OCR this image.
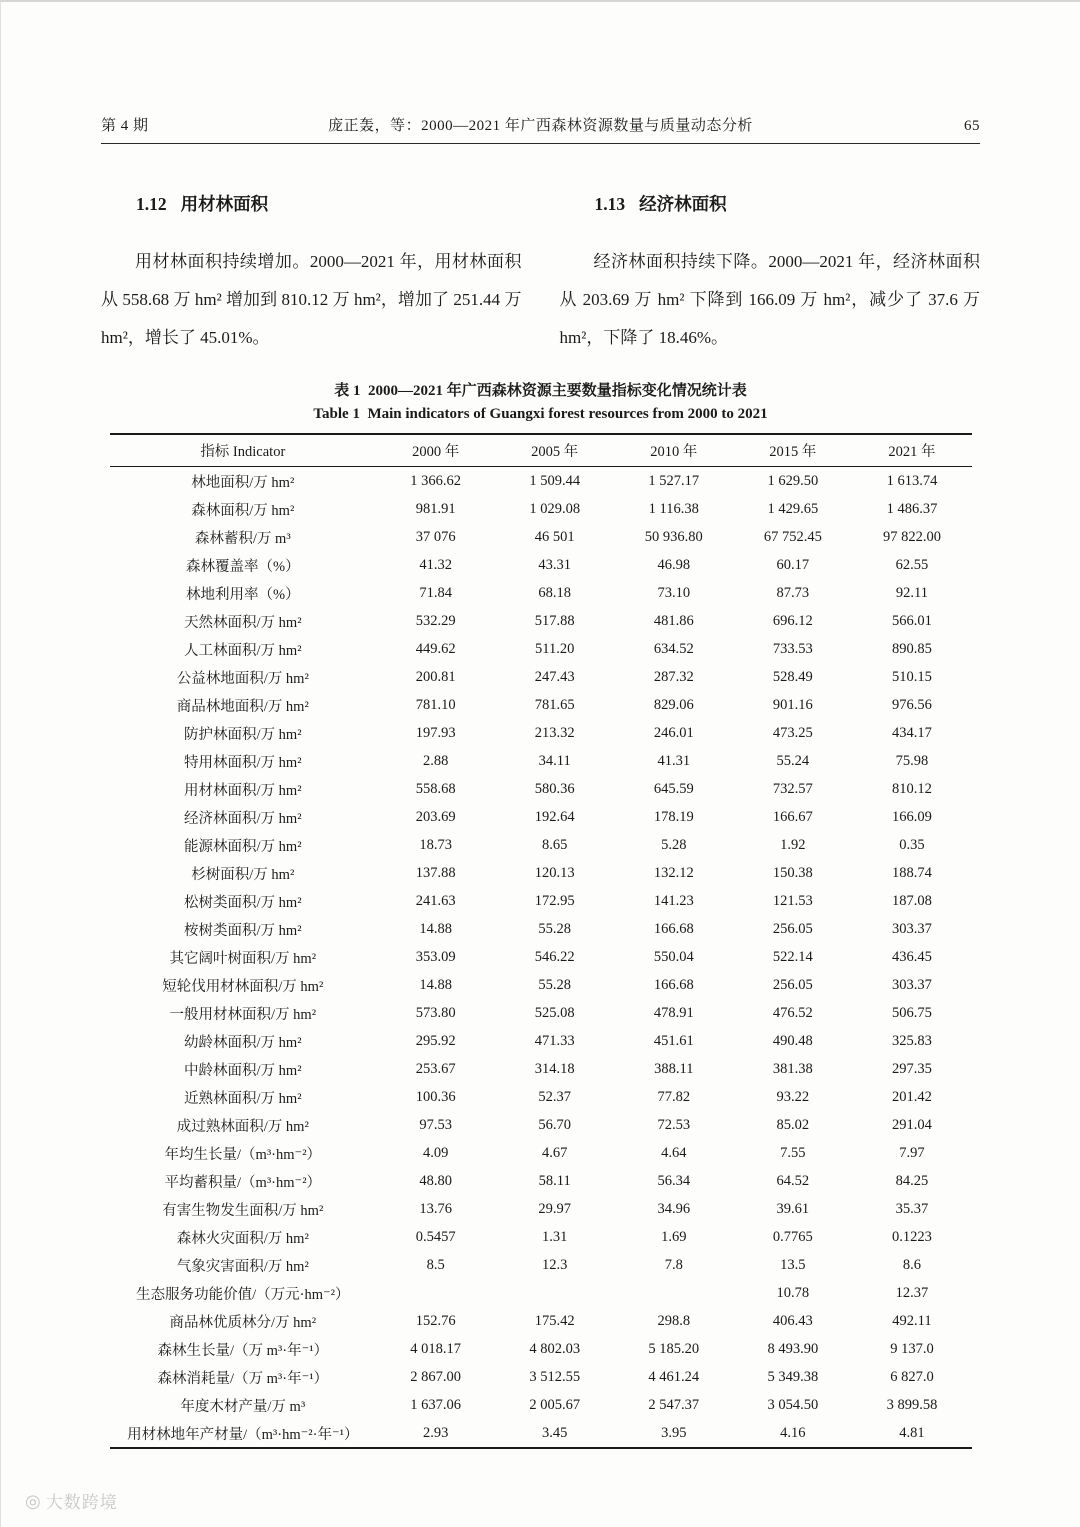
第 4 期	庞正轰，等：2000—2021 年广西森林资源数量与质量动态分析	65

1.12 用材林面积

用材林面积持续增加。2000—2021 年，用材林面积从 558.68 万 hm² 增加到 810.12 万 hm²，增加了 251.44 万 hm²，增长了 45.01%。

1.13 经济林面积

经济林面积持续下降。2000—2021 年，经济林面积从 203.69 万 hm² 下降到 166.09 万 hm²，减少了 37.6 万 hm²，下降了 18.46%。

表 1  2000—2021 年广西森林资源主要数量指标变化情况统计表
Table 1  Main indicators of Guangxi forest resources from 2000 to 2021
指标 Indicator	2000 年	2005 年	2010 年	2015 年	2021 年
林地面积/万 hm²	1 366.62	1 509.44	1 527.17	1 629.50	1 613.74
森林面积/万 hm²	981.91	1 029.08	1 116.38	1 429.65	1 486.37
森林蓄积/万 m³	37 076	46 501	50 936.80	67 752.45	97 822.00
森林覆盖率（%）	41.32	43.31	46.98	60.17	62.55
林地利用率（%）	71.84	68.18	73.10	87.73	92.11
天然林面积/万 hm²	532.29	517.88	481.86	696.12	566.01
人工林面积/万 hm²	449.62	511.20	634.52	733.53	890.85
公益林地面积/万 hm²	200.81	247.43	287.32	528.49	510.15
商品林地面积/万 hm²	781.10	781.65	829.06	901.16	976.56
防护林面积/万 hm²	197.93	213.32	246.01	473.25	434.17
特用林面积/万 hm²	2.88	34.11	41.31	55.24	75.98
用材林面积/万 hm²	558.68	580.36	645.59	732.57	810.12
经济林面积/万 hm²	203.69	192.64	178.19	166.67	166.09
能源林面积/万 hm²	18.73	8.65	5.28	1.92	0.35
杉树面积/万 hm²	137.88	120.13	132.12	150.38	188.74
松树类面积/万 hm²	241.63	172.95	141.23	121.53	187.08
桉树类面积/万 hm²	14.88	55.28	166.68	256.05	303.37
其它阔叶树面积/万 hm²	353.09	546.22	550.04	522.14	436.45
短轮伐用材林面积/万 hm²	14.88	55.28	166.68	256.05	303.37
一般用材林面积/万 hm²	573.80	525.08	478.91	476.52	506.75
幼龄林面积/万 hm²	295.92	471.33	451.61	490.48	325.83
中龄林面积/万 hm²	253.67	314.18	388.11	381.38	297.35
近熟林面积/万 hm²	100.36	52.37	77.82	93.22	201.42
成过熟林面积/万 hm²	97.53	56.70	72.53	85.02	291.04
年均生长量/（m³·hm⁻²）	4.09	4.67	4.64	7.55	7.97
平均蓄积量/（m³·hm⁻²）	48.80	58.11	56.34	64.52	84.25
有害生物发生面积/万 hm²	13.76	29.97	34.96	39.61	35.37
森林火灾面积/万 hm²	0.5457	1.31	1.69	0.7765	0.1223
气象灾害面积/万 hm²	8.5	12.3	7.8	13.5	8.6
生态服务功能价值/（万元·hm⁻²）				10.78	12.37
商品林优质林分/万 hm²	152.76	175.42	298.8	406.43	492.11
森林生长量/（万 m³·年⁻¹）	4 018.17	4 802.03	5 185.20	8 493.90	9 137.0
森林消耗量/（万 m³·年⁻¹）	2 867.00	3 512.55	4 461.24	5 349.38	6 827.0
年度木材产量/万 m³	1 637.06	2 005.67	2 547.37	3 054.50	3 899.58
用材林地年产材量/（m³·hm⁻²·年⁻¹）	2.93	3.45	3.95	4.16	4.81
◎ 大数跨境
